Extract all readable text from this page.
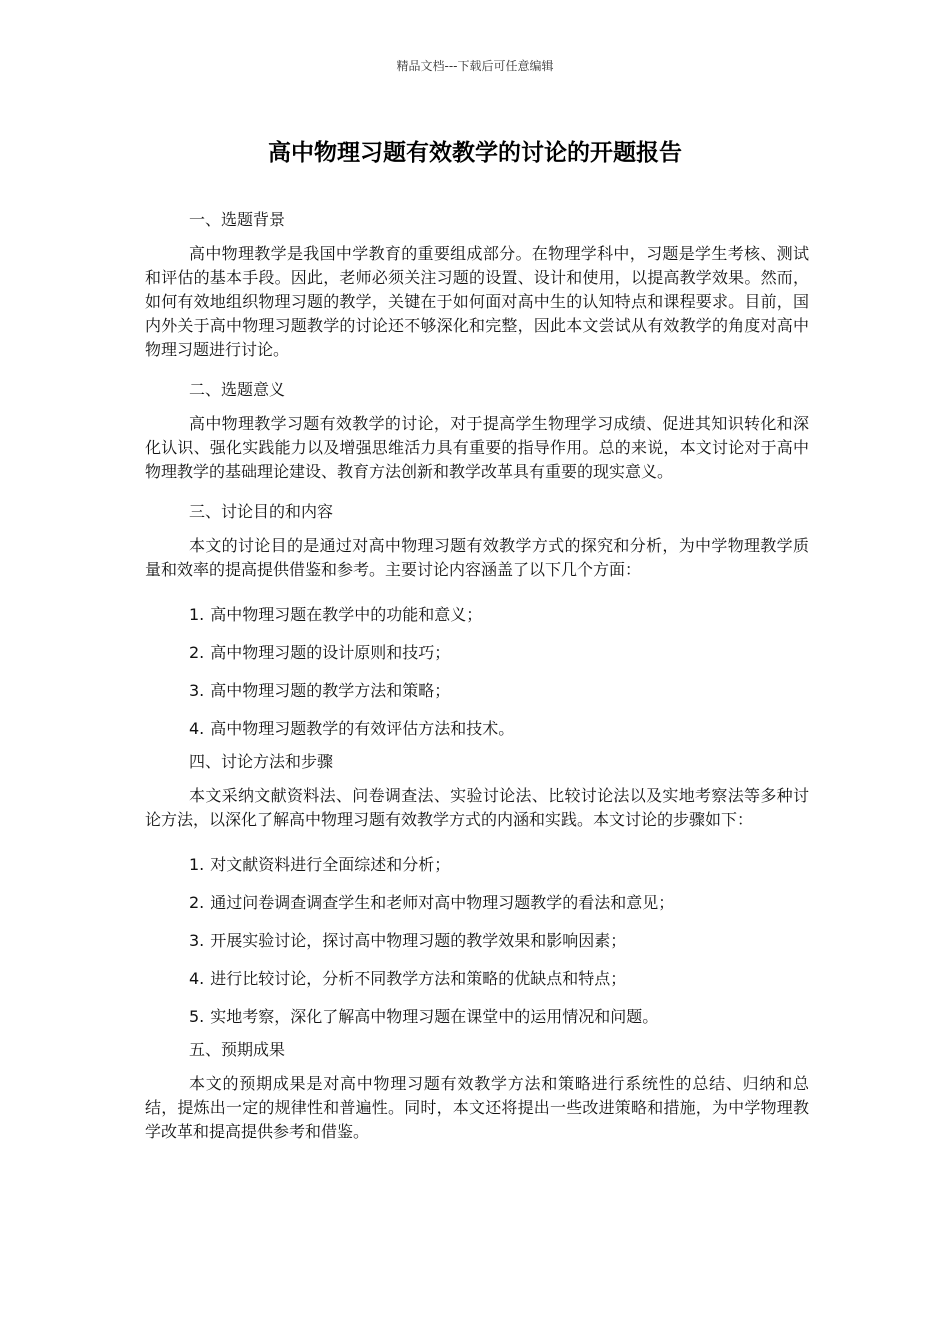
精品文档---下载后可任意编辑
高中物理习题有效教学的讨论的开题报告
一、选题背景

高中物理教学是我国中学教育的重要组成部分。在物理学科中，习题是学生考核、测试和评估的基本手段。因此，老师必须关注习题的设置、设计和使用，以提高教学效果。然而，如何有效地组织物理习题的教学，关键在于如何面对高中生的认知特点和课程要求。目前，国内外关于高中物理习题教学的讨论还不够深化和完整，因此本文尝试从有效教学的角度对高中物理习题进行讨论。

二、选题意义

高中物理教学习题有效教学的讨论，对于提高学生物理学习成绩、促进其知识转化和深化认识、强化实践能力以及增强思维活力具有重要的指导作用。总的来说，本文讨论对于高中物理教学的基础理论建设、教育方法创新和教学改革具有重要的现实意义。

三、讨论目的和内容

本文的讨论目的是通过对高中物理习题有效教学方式的探究和分析，为中学物理教学质量和效率的提高提供借鉴和参考。主要讨论内容涵盖了以下几个方面：

1. 高中物理习题在教学中的功能和意义；
2. 高中物理习题的设计原则和技巧；
3. 高中物理习题的教学方法和策略；
4. 高中物理习题教学的有效评估方法和技术。
四、讨论方法和步骤

本文采纳文献资料法、问卷调查法、实验讨论法、比较讨论法以及实地考察法等多种讨论方法，以深化了解高中物理习题有效教学方式的内涵和实践。本文讨论的步骤如下：

1. 对文献资料进行全面综述和分析；
2. 通过问卷调查调查学生和老师对高中物理习题教学的看法和意见；
3. 开展实验讨论，探讨高中物理习题的教学效果和影响因素；
4. 进行比较讨论，分析不同教学方法和策略的优缺点和特点；
5. 实地考察，深化了解高中物理习题在课堂中的运用情况和问题。
五、预期成果

本文的预期成果是对高中物理习题有效教学方法和策略进行系统性的总结、归纳和总结，提炼出一定的规律性和普遍性。同时，本文还将提出一些改进策略和措施，为中学物理教学改革和提高提供参考和借鉴。
